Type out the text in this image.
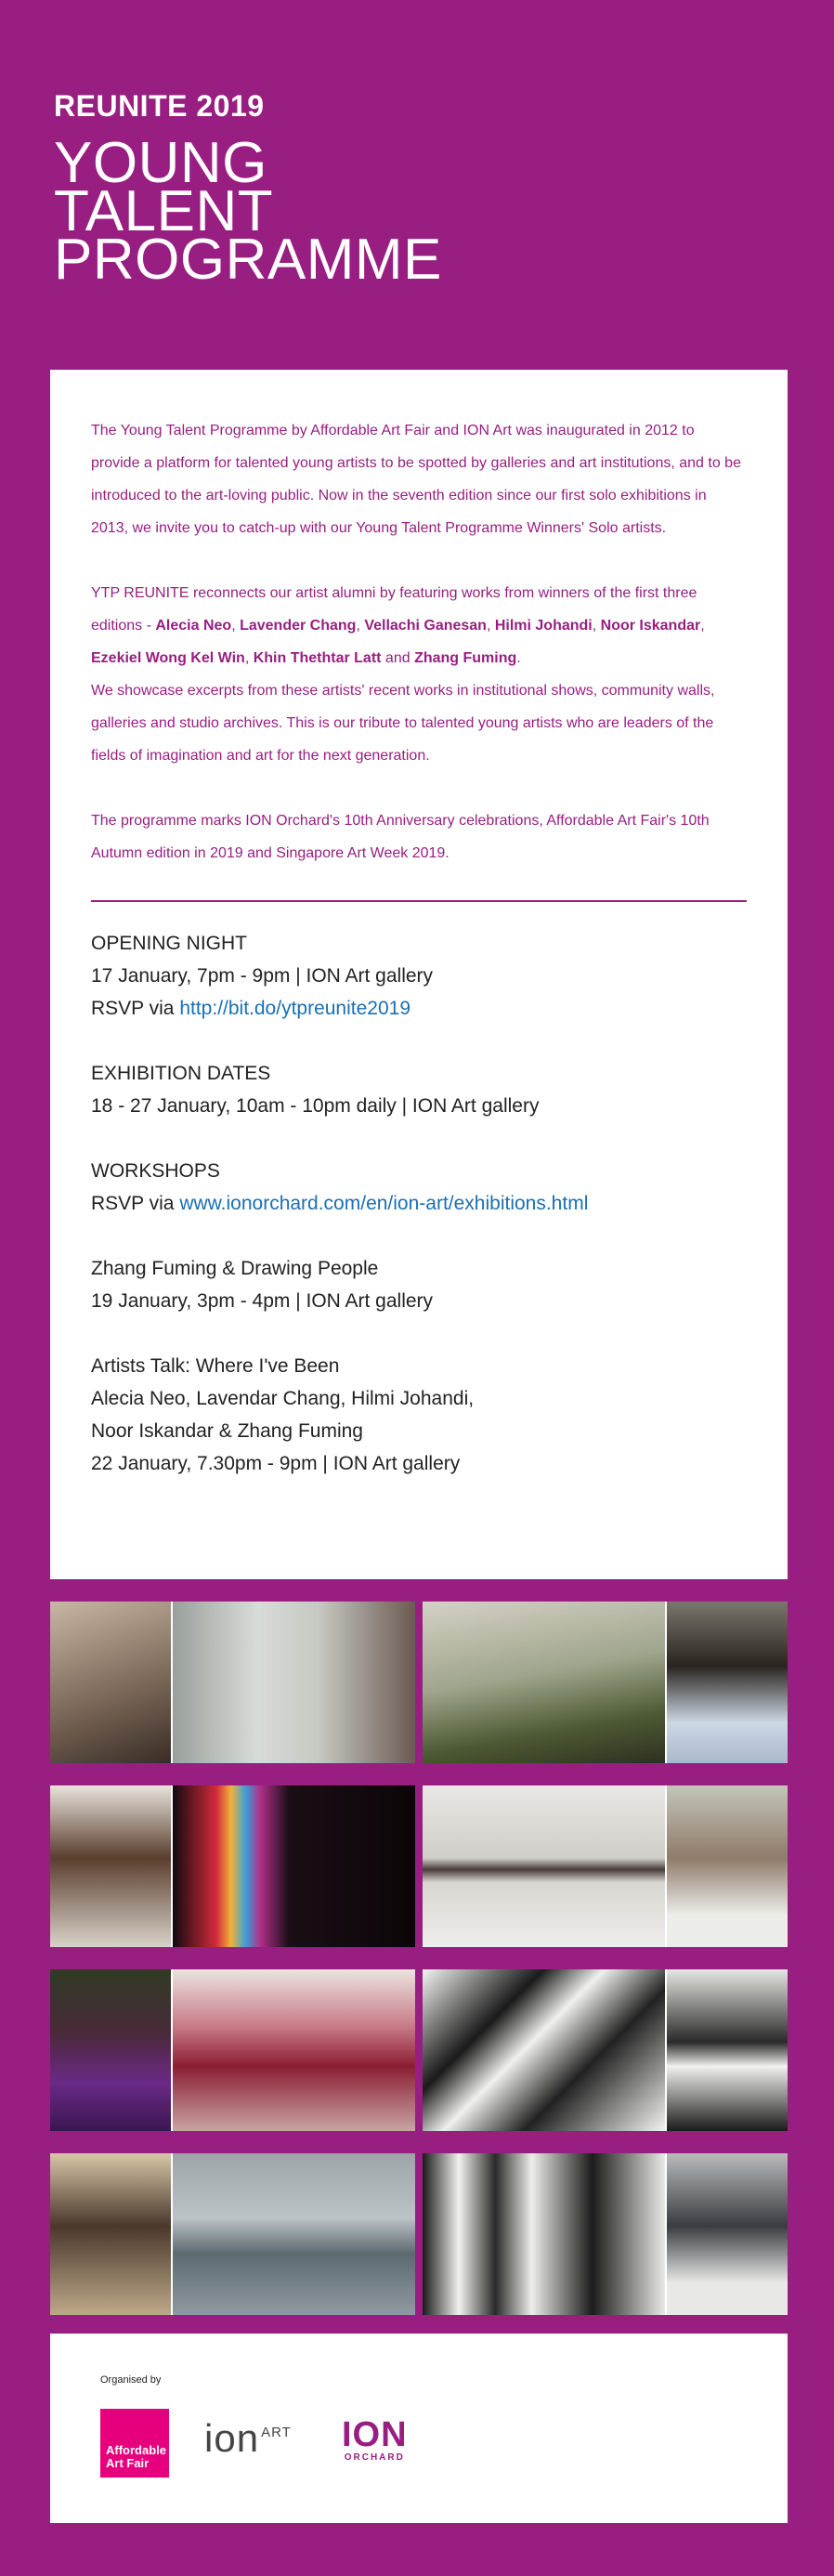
REUNITE 2019
YOUNG
TALENT
PROGRAMME

The Young Talent Programme by Affordable Art Fair and ION Art was inaugurated in 2012 to provide a platform for talented young artists to be spotted by galleries and art institutions, and to be introduced to the art-loving public. Now in the seventh edition since our first solo exhibitions in 2013, we invite you to catch-up with our Young Talent Programme Winners' Solo artists.

YTP REUNITE reconnects our artist alumni by featuring works from winners of the first three editions - Alecia Neo, Lavender Chang, Vellachi Ganesan, Hilmi Johandi, Noor Iskandar, Ezekiel Wong Kel Win, Khin Thethtar Latt and Zhang Fuming.
We showcase excerpts from these artists' recent works in institutional shows, community walls, galleries and studio archives. This is our tribute to talented young artists who are leaders of the fields of imagination and art for the next generation.

The programme marks ION Orchard's 10th Anniversary celebrations, Affordable Art Fair's 10th Autumn edition in 2019 and Singapore Art Week 2019.

OPENING NIGHT
17 January, 7pm - 9pm | ION Art gallery
RSVP via http://bit.do/ytpreunite2019
EXHIBITION DATES
18 - 27 January, 10am - 10pm daily | ION Art gallery
WORKSHOPS
RSVP via www.ionorchard.com/en/ion-art/exhibitions.html
Zhang Fuming & Drawing People
19 January, 3pm - 4pm | ION Art gallery
Artists Talk: Where I've Been
Alecia Neo, Lavendar Chang, Hilmi Johandi,
Noor Iskandar & Zhang Fuming
22 January, 7.30pm - 9pm | ION Art gallery
Organised by
Affordable Art Fair
ion $^{ART}$ ION
ORCHARD
